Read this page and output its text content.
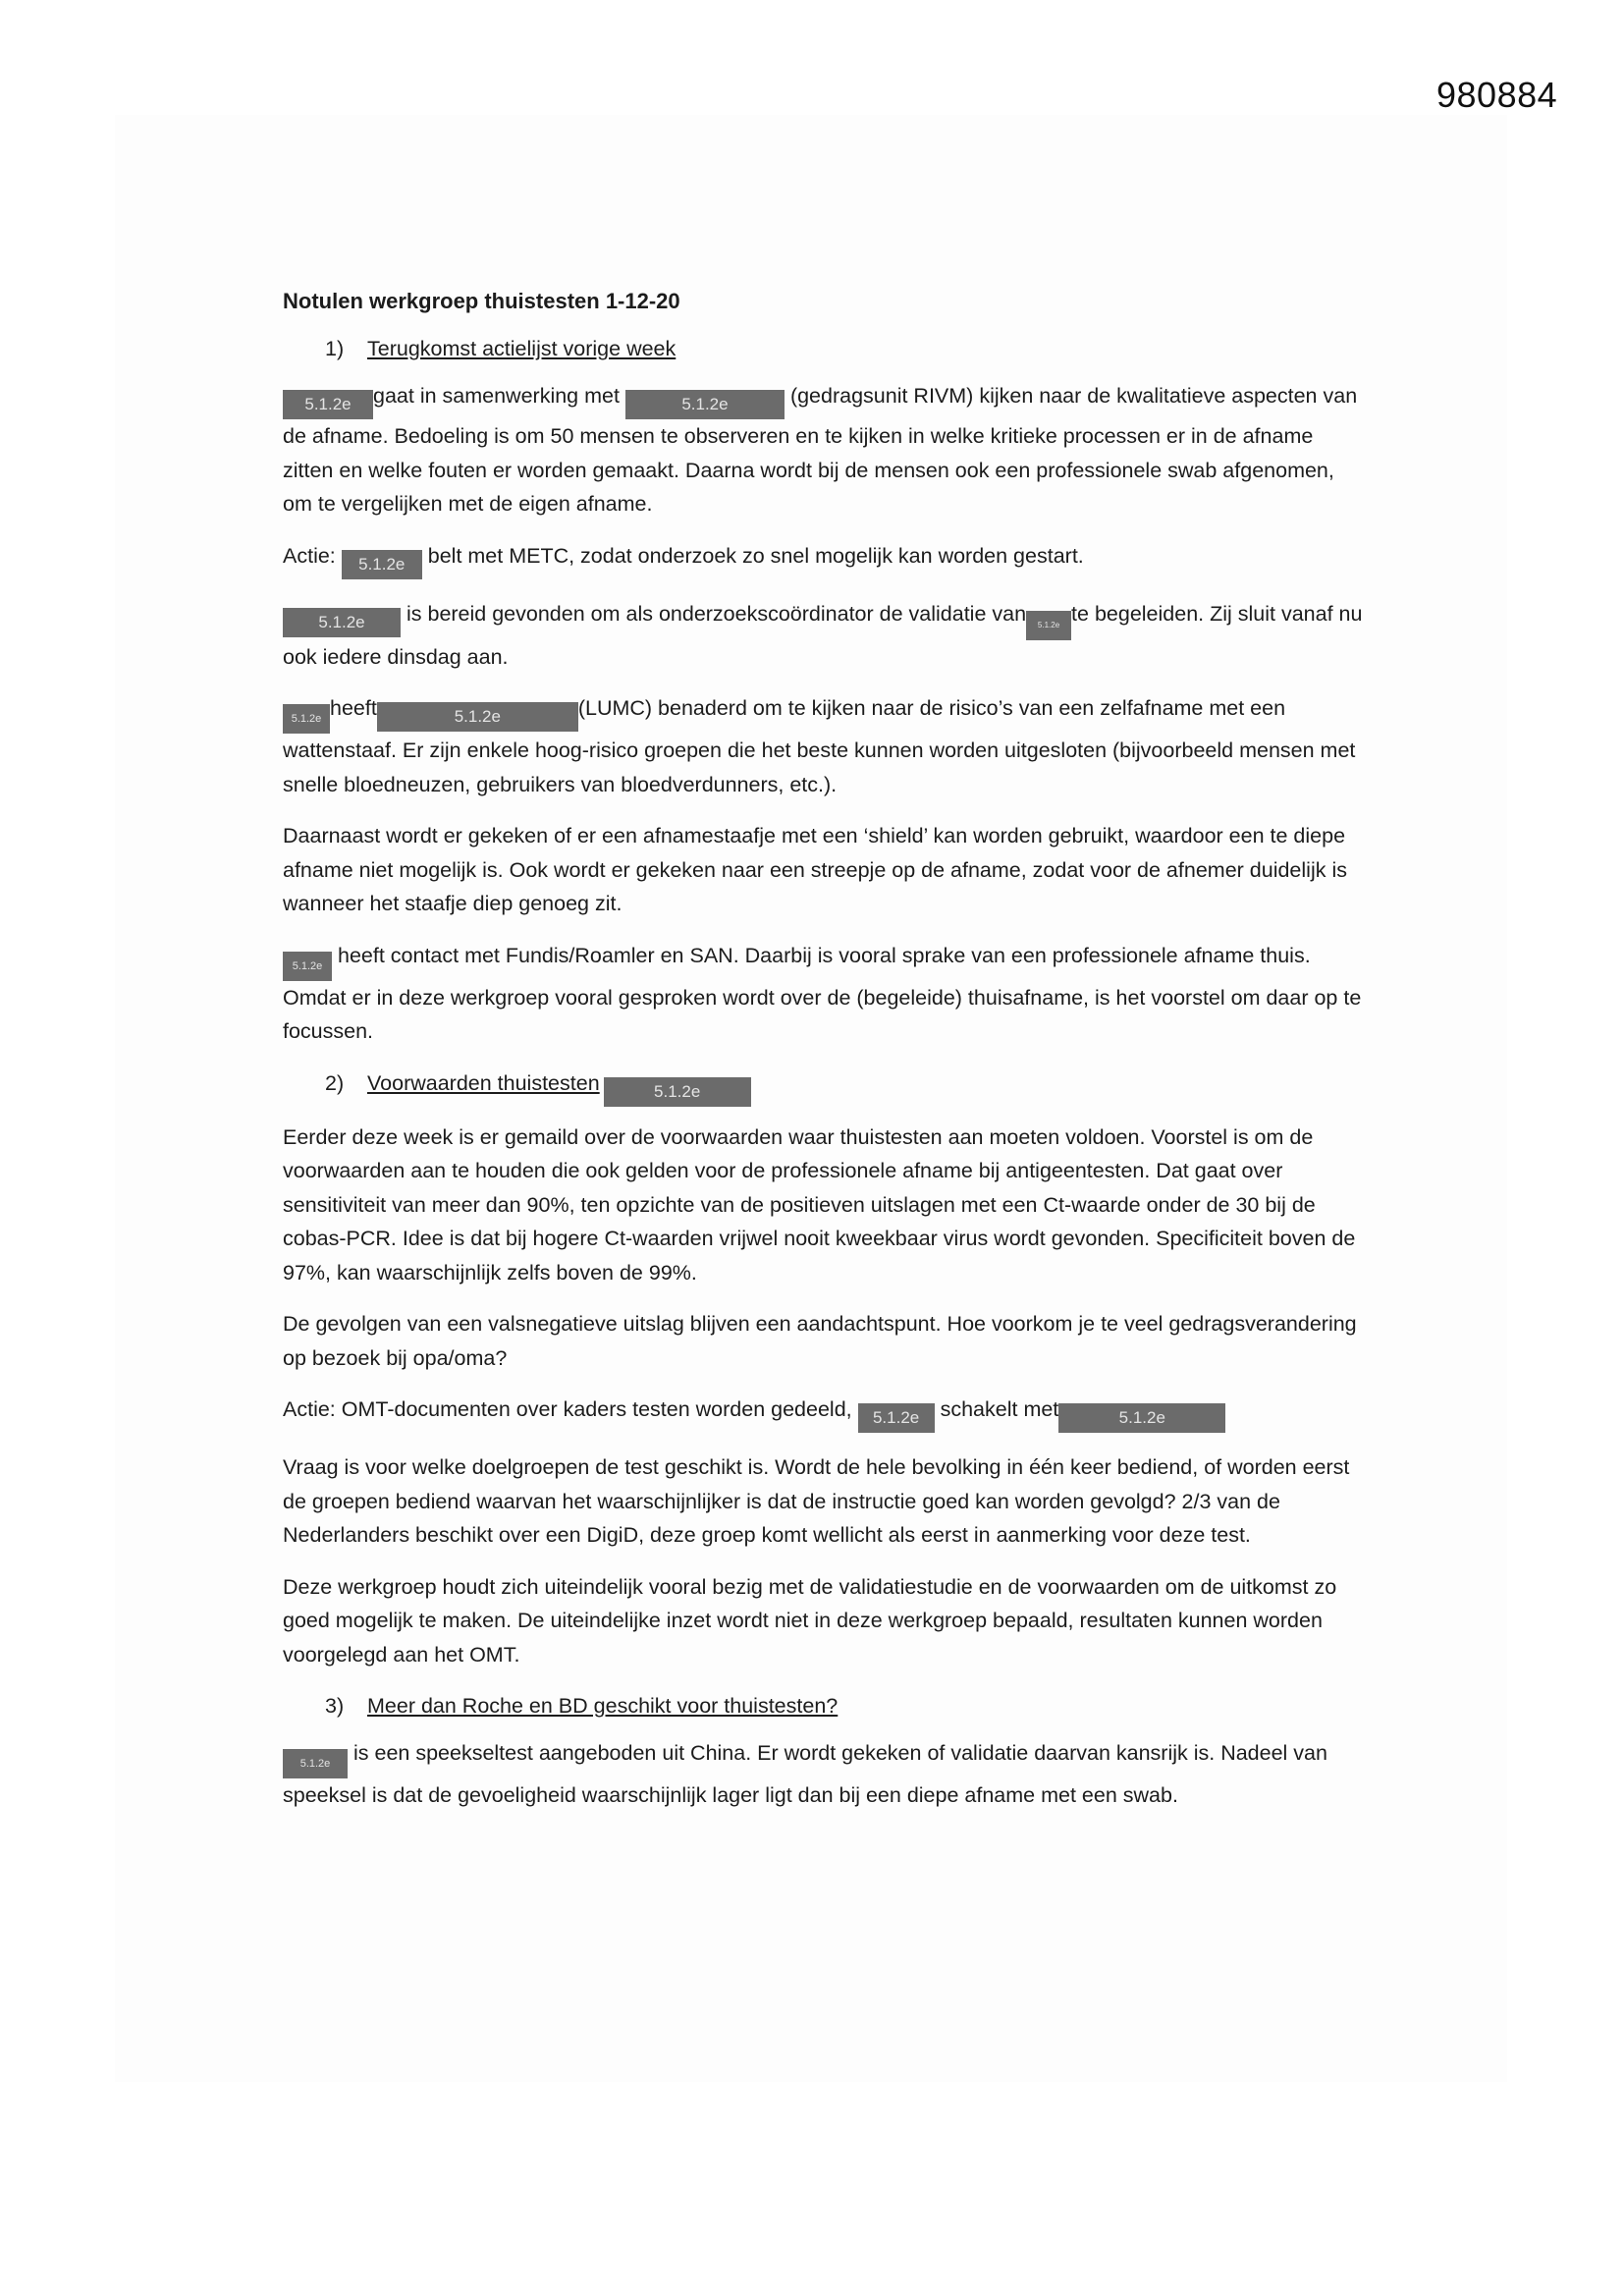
980884
Notulen werkgroep thuistesten 1-12-20
1) Terugkomst actielijst vorige week

5.1.2e gaat in samenwerking met	5.1.2e	(gedragsunit RIVM) kijken naar de kwalitatieve aspecten van de afname. Bedoeling is om 50 mensen te observeren en te kijken in welke kritieke processen er in de afname zitten en welke fouten er worden gemaakt. Daarna wordt bij de mensen ook een professionele swab afgenomen, om te vergelijken met de eigen afname.

Actie: 5.1.2e belt met METC, zodat onderzoek zo snel mogelijk kan worden gestart.

5.1.2e is bereid gevonden om als onderzoekscoördinator de validatie van 5.1.2e te begeleiden. Zij sluit vanaf nu ook iedere dinsdag aan.

5.1.2e heeft	5.1.2e	(LUMC) benaderd om te kijken naar de risico’s van een zelfafname met een wattenstaaf. Er zijn enkele hoog-risico groepen die het beste kunnen worden uitgesloten (bijvoorbeeld mensen met snelle bloedneuzen, gebruikers van bloedverdunners, etc.).

Daarnaast wordt er gekeken of er een afnamestaafje met een ‘shield’ kan worden gebruikt, waardoor een te diepe afname niet mogelijk is. Ook wordt er gekeken naar een streepje op de afname, zodat voor de afnemer duidelijk is wanneer het staafje diep genoeg zit.

5.1.2e heeft contact met Fundis/Roamler en SAN. Daarbij is vooral sprake van een professionele afname thuis. Omdat er in deze werkgroep vooral gesproken wordt over de (begeleide) thuisafname, is het voorstel om daar op te focussen.

2) Voorwaarden thuistesten	5.1.2e

Eerder deze week is er gemaild over de voorwaarden waar thuistesten aan moeten voldoen. Voorstel is om de voorwaarden aan te houden die ook gelden voor de professionele afname bij antigeentesten. Dat gaat over sensitiviteit van meer dan 90%, ten opzichte van de positieven uitslagen met een Ct-waarde onder de 30 bij de cobas-PCR. Idee is dat bij hogere Ct-waarden vrijwel nooit kweekbaar virus wordt gevonden. Specificiteit boven de 97%, kan waarschijnlijk zelfs boven de 99%.

De gevolgen van een valsnegatieve uitslag blijven een aandachtspunt. Hoe voorkom je te veel gedragsverandering op bezoek bij opa/oma?

Actie: OMT-documenten over kaders testen worden gedeeld, 5.1.2e schakelt met	5.1.2e

Vraag is voor welke doelgroepen de test geschikt is. Wordt de hele bevolking in één keer bediend, of worden eerst de groepen bediend waarvan het waarschijnlijker is dat de instructie goed kan worden gevolgd? 2/3 van de Nederlanders beschikt over een DigiD, deze groep komt wellicht als eerst in aanmerking voor deze test.

Deze werkgroep houdt zich uiteindelijk vooral bezig met de validatiestudie en de voorwaarden om de uitkomst zo goed mogelijk te maken. De uiteindelijke inzet wordt niet in deze werkgroep bepaald, resultaten kunnen worden voorgelegd aan het OMT.

3) Meer dan Roche en BD geschikt voor thuistesten?

5.1.2e is een speekseltest aangeboden uit China. Er wordt gekeken of validatie daarvan kansrijk is. Nadeel van speeksel is dat de gevoeligheid waarschijnlijk lager ligt dan bij een diepe afname met een swab.
